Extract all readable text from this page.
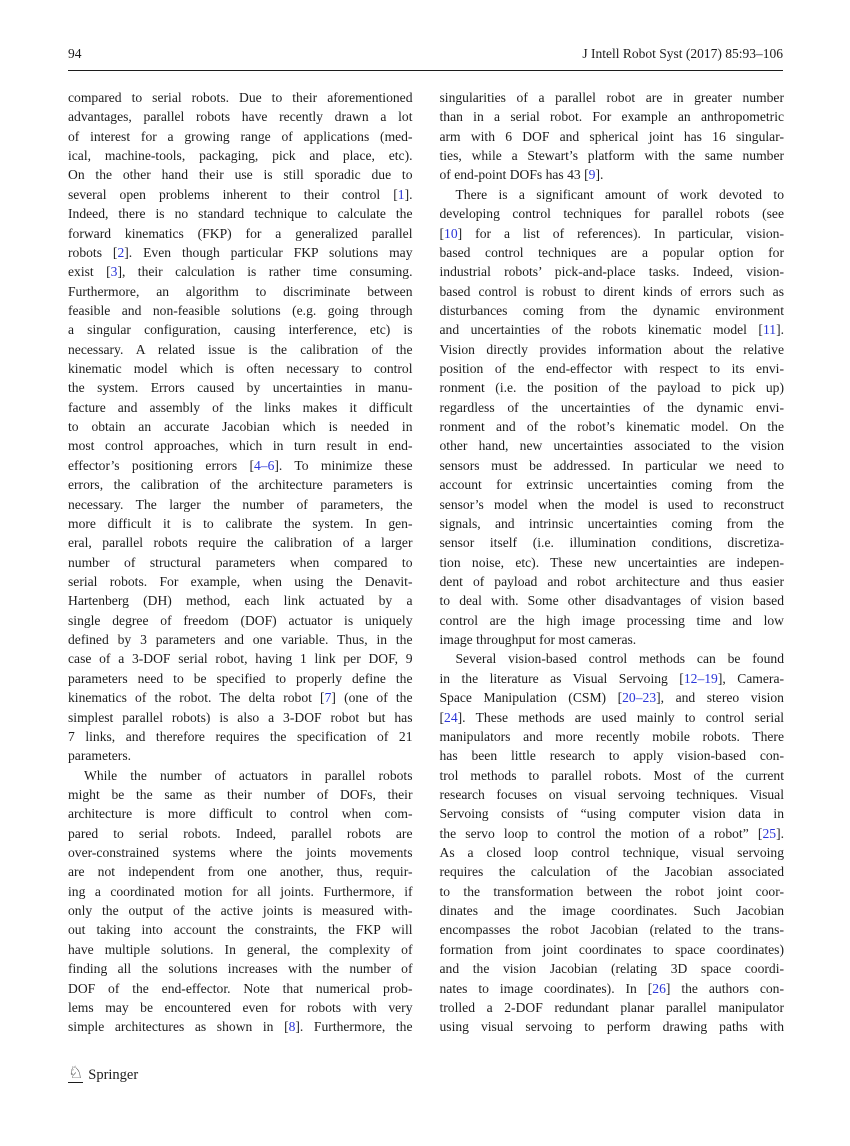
94	J Intell Robot Syst (2017) 85:93–106
compared to serial robots. Due to their aforementioned
advantages, parallel robots have recently drawn a lot
of interest for a growing range of applications (med-
ical, machine-tools, packaging, pick and place, etc).
On the other hand their use is still sporadic due to
several open problems inherent to their control [1].
Indeed, there is no standard technique to calculate the
forward kinematics (FKP) for a generalized parallel
robots [2]. Even though particular FKP solutions may
exist [3], their calculation is rather time consuming.
Furthermore, an algorithm to discriminate between
feasible and non-feasible solutions (e.g. going through
a singular configuration, causing interference, etc) is
necessary. A related issue is the calibration of the
kinematic model which is often necessary to control
the system. Errors caused by uncertainties in manu-
facture and assembly of the links makes it difficult
to obtain an accurate Jacobian which is needed in
most control approaches, which in turn result in end-
effector’s positioning errors [4–6]. To minimize these
errors, the calibration of the architecture parameters is
necessary. The larger the number of parameters, the
more difficult it is to calibrate the system. In gen-
eral, parallel robots require the calibration of a larger
number of structural parameters when compared to
serial robots. For example, when using the Denavit-
Hartenberg (DH) method, each link actuated by a
single degree of freedom (DOF) actuator is uniquely
defined by 3 parameters and one variable. Thus, in the
case of a 3-DOF serial robot, having 1 link per DOF, 9
parameters need to be specified to properly define the
kinematics of the robot. The delta robot [7] (one of the
simplest parallel robots) is also a 3-DOF robot but has
7 links, and therefore requires the specification of 21
parameters.
While the number of actuators in parallel robots
might be the same as their number of DOFs, their
architecture is more difficult to control when com-
pared to serial robots. Indeed, parallel robots are
over-constrained systems where the joints movements
are not independent from one another, thus, requir-
ing a coordinated motion for all joints. Furthermore, if
only the output of the active joints is measured with-
out taking into account the constraints, the FKP will
have multiple solutions. In general, the complexity of
finding all the solutions increases with the number of
DOF of the end-effector. Note that numerical prob-
lems may be encountered even for robots with very
simple architectures as shown in [8]. Furthermore, the
singularities of a parallel robot are in greater number
than in a serial robot. For example an anthropometric
arm with 6 DOF and spherical joint has 16 singular-
ties, while a Stewart’s platform with the same number
of end-point DOFs has 43 [9].
There is a significant amount of work devoted to
developing control techniques for parallel robots (see
[10] for a list of references). In particular, vision-
based control techniques are a popular option for
industrial robots’ pick-and-place tasks. Indeed, vision-
based control is robust to dirent kinds of errors such as
disturbances coming from the dynamic environment
and uncertainties of the robots kinematic model [11].
Vision directly provides information about the relative
position of the end-effector with respect to its envi-
ronment (i.e. the position of the payload to pick up)
regardless of the uncertainties of the dynamic envi-
ronment and of the robot’s kinematic model. On the
other hand, new uncertainties associated to the vision
sensors must be addressed. In particular we need to
account for extrinsic uncertainties coming from the
sensor’s model when the model is used to reconstruct
signals, and intrinsic uncertainties coming from the
sensor itself (i.e. illumination conditions, discretiza-
tion noise, etc). These new uncertainties are indepen-
dent of payload and robot architecture and thus easier
to deal with. Some other disadvantages of vision based
control are the high image processing time and low
image throughput for most cameras.
Several vision-based control methods can be found
in the literature as Visual Servoing [12–19], Camera-
Space Manipulation (CSM) [20–23], and stereo vision
[24]. These methods are used mainly to control serial
manipulators and more recently mobile robots. There
has been little research to apply vision-based con-
trol methods to parallel robots. Most of the current
research focuses on visual servoing techniques. Visual
Servoing consists of “using computer vision data in
the servo loop to control the motion of a robot” [25].
As a closed loop control technique, visual servoing
requires the calculation of the Jacobian associated
to the transformation between the robot joint coor-
dinates and the image coordinates. Such Jacobian
encompasses the robot Jacobian (related to the trans-
formation from joint coordinates to space coordinates)
and the vision Jacobian (relating 3D space coordi-
nates to image coordinates). In [26] the authors con-
trolled a 2-DOF redundant planar parallel manipulator
using visual servoing to perform drawing paths with
♘ Springer
